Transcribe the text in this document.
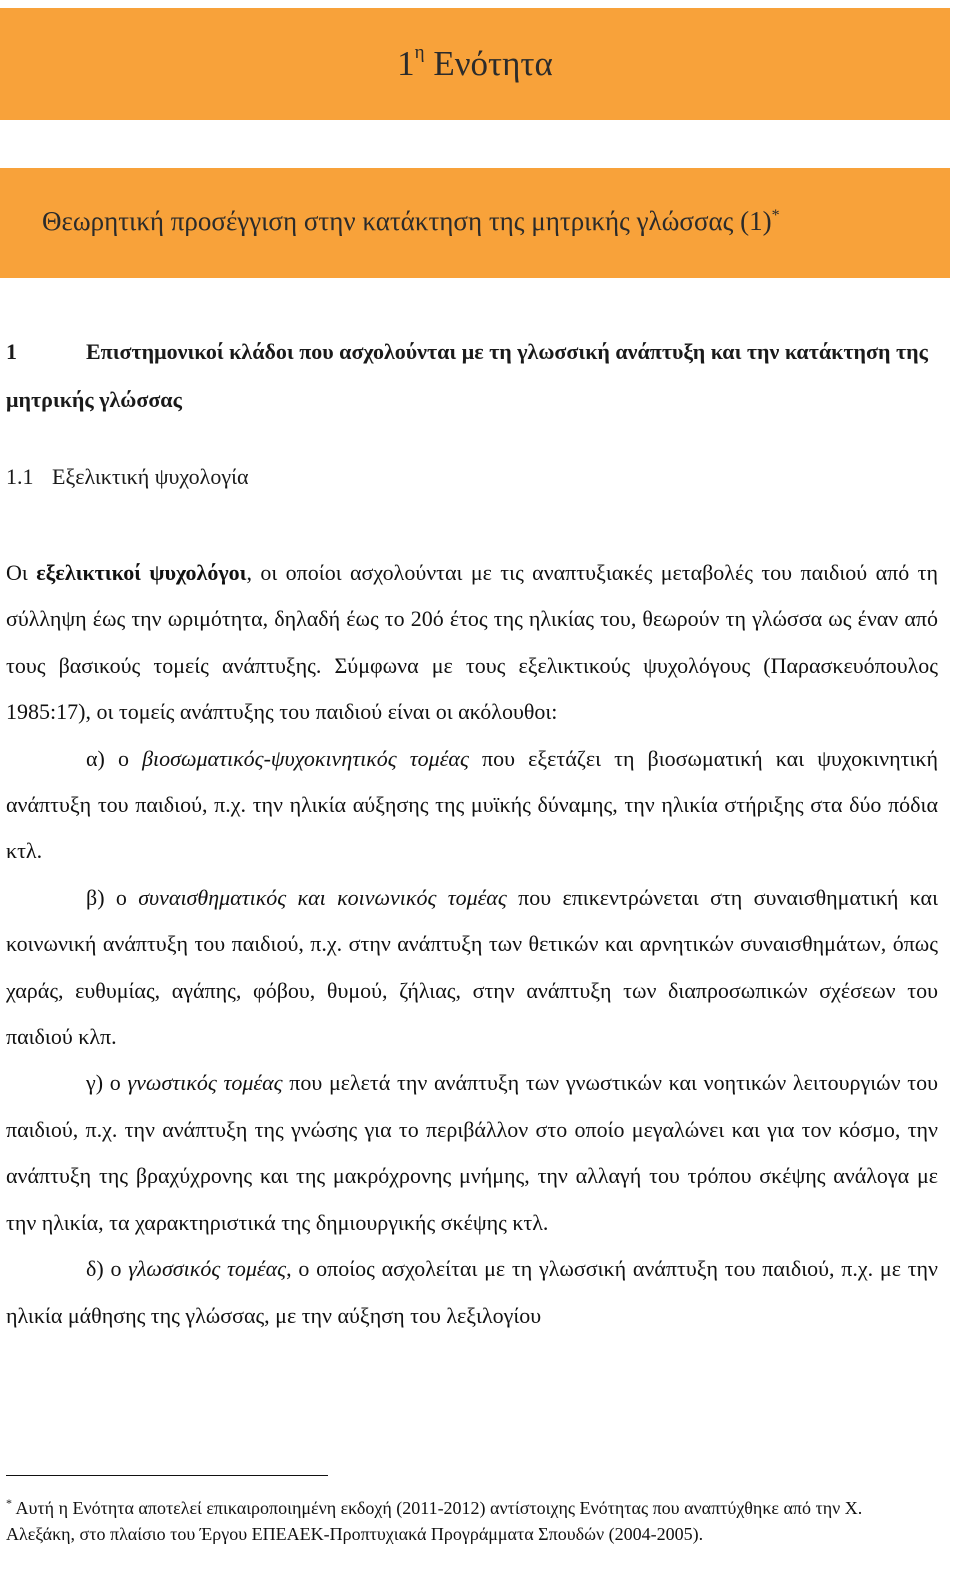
$1^\eta$ Ενότητα
Θεωρητική προσέγγιση στην κατάκτηση της μητρικής γλώσσας (1)*
1	Επιστημονικοί κλάδοι που ασχολούνται με τη γλωσσική ανάπτυξη και την κατάκτηση της μητρικής γλώσσας
1.1 Εξελικτική ψυχολογία

Οι εξελικτικοί ψυχολόγοι, οι οποίοι ασχολούνται με τις αναπτυξιακές μεταβολές του παιδιού από τη σύλληψη έως την ωριμότητα, δηλαδή έως το 20ό έτος της ηλικίας του, θεωρούν τη γλώσσα ως έναν από τους βασικούς τομείς ανάπτυξης. Σύμφωνα με τους εξελικτικούς ψυχολόγους (Παρασκευόπουλος 1985:17), οι τομείς ανάπτυξης του παιδιού είναι οι ακόλουθοι:

α) ο βιοσωματικός-ψυχοκινητικός τομέας που εξετάζει τη βιοσωματική και ψυχοκινητική ανάπτυξη του παιδιού, π.χ. την ηλικία αύξησης της μυϊκής δύναμης, την ηλικία στήριξης στα δύο πόδια κτλ.

β) ο συναισθηματικός και κοινωνικός τομέας που επικεντρώνεται στη συναισθηματική και κοινωνική ανάπτυξη του παιδιού, π.χ. στην ανάπτυξη των θετικών και αρνητικών συναισθημάτων, όπως χαράς, ευθυμίας, αγάπης, φόβου, θυμού, ζήλιας, στην ανάπτυξη των διαπροσωπικών σχέσεων του παιδιού κλπ.

γ) ο γνωστικός τομέας που μελετά την ανάπτυξη των γνωστικών και νοητικών λειτουργιών του παιδιού, π.χ. την ανάπτυξη της γνώσης για το περιβάλλον στο οποίο μεγαλώνει και για τον κόσμο, την ανάπτυξη της βραχύχρονης και της μακρόχρονης μνήμης, την αλλαγή του τρόπου σκέψης ανάλογα με την ηλικία, τα χαρακτηριστικά της δημιουργικής σκέψης κτλ.

δ) ο γλωσσικός τομέας, ο οποίος ασχολείται με τη γλωσσική ανάπτυξη του παιδιού, π.χ. με την ηλικία μάθησης της γλώσσας, με την αύξηση του λεξιλογίου

* Αυτή η Ενότητα αποτελεί επικαιροποιημένη εκδοχή (2011-2012) αντίστοιχης Ενότητας που αναπτύχθηκε από την Χ. Αλεξάκη, στο πλαίσιο του Έργου ΕΠΕΑΕΚ-Προπτυχιακά Προγράμματα Σπουδών (2004-2005).
